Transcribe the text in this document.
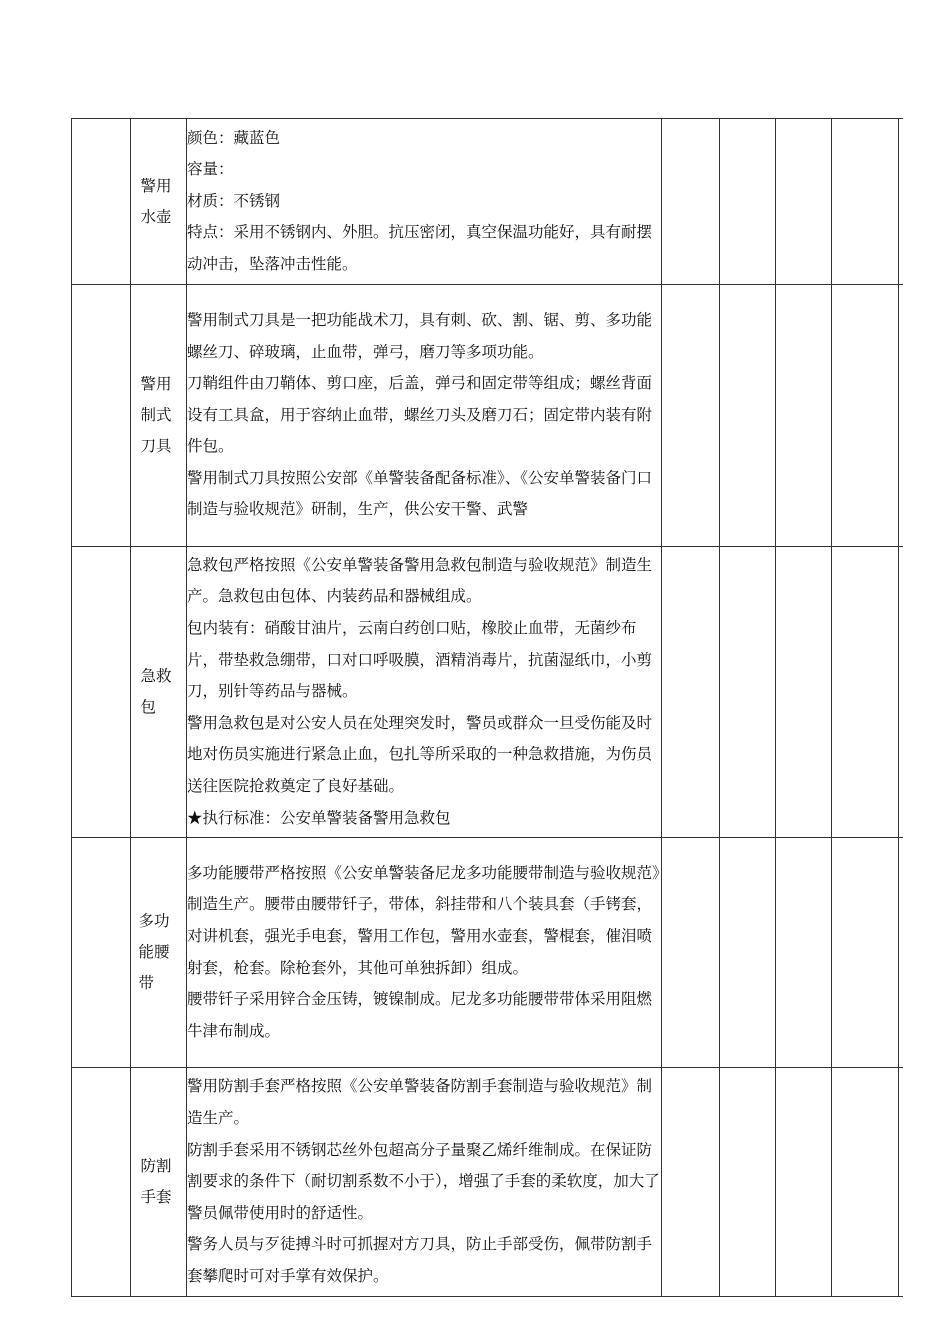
	警用水壶	颜色：藏蓝色

容量：

材质：不锈钢

特点：采用不锈钢内、外胆。抗压密闭，真空保温功能好，具有耐摆动冲击，坠落冲击性能。					

	警用制式刀具	警用制式刀具是一把功能战术刀，具有刺、砍、割、锯、剪、多功能螺丝刀、碎玻璃，止血带，弹弓，磨刀等多项功能。

刀鞘组件由刀鞘体、剪口座，后盖，弹弓和固定带等组成；螺丝背面设有工具盒，用于容纳止血带，螺丝刀头及磨刀石；固定带内装有附件包。

警用制式刀具按照公安部《单警装备配备标准》、《公安单警装备门口制造与验收规范》研制，生产，供公安干警、武警					

	急救包	急救包严格按照《公安单警装备警用急救包制造与验收规范》制造生产。急救包由包体、内装药品和器械组成。

包内装有：硝酸甘油片，云南白药创口贴，橡胶止血带，无菌纱布片，带垫救急绷带，口对口呼吸膜，酒精消毒片，抗菌湿纸巾，小剪刀，别针等药品与器械。

警用急救包是对公安人员在处理突发时，警员或群众一旦受伤能及时地对伤员实施进行紧急止血，包扎等所采取的一种急救措施，为伤员送往医院抢救奠定了良好基础。

★执行标准：公安单警装备警用急救包					

	多功能腰带	多功能腰带严格按照《公安单警装备尼龙多功能腰带制造与验收规范》制造生产。腰带由腰带钎子，带体，斜挂带和八个装具套（手铐套，对讲机套，强光手电套，警用工作包，警用水壶套，警棍套，催泪喷射套，枪套。除枪套外，其他可单独拆卸）组成。

腰带钎子采用锌合金压铸，镀镍制成。尼龙多功能腰带带体采用阻燃牛津布制成。					

	防割手套	警用防割手套严格按照《公安单警装备防割手套制造与验收规范》制造生产。

防割手套采用不锈钢芯丝外包超高分子量聚乙烯纤维制成。在保证防割要求的条件下（耐切割系数不小于），增强了手套的柔软度，加大了警员佩带使用时的舒适性。

警务人员与歹徒搏斗时可抓握对方刀具，防止手部受伤，佩带防割手套攀爬时可对手掌有效保护。					
